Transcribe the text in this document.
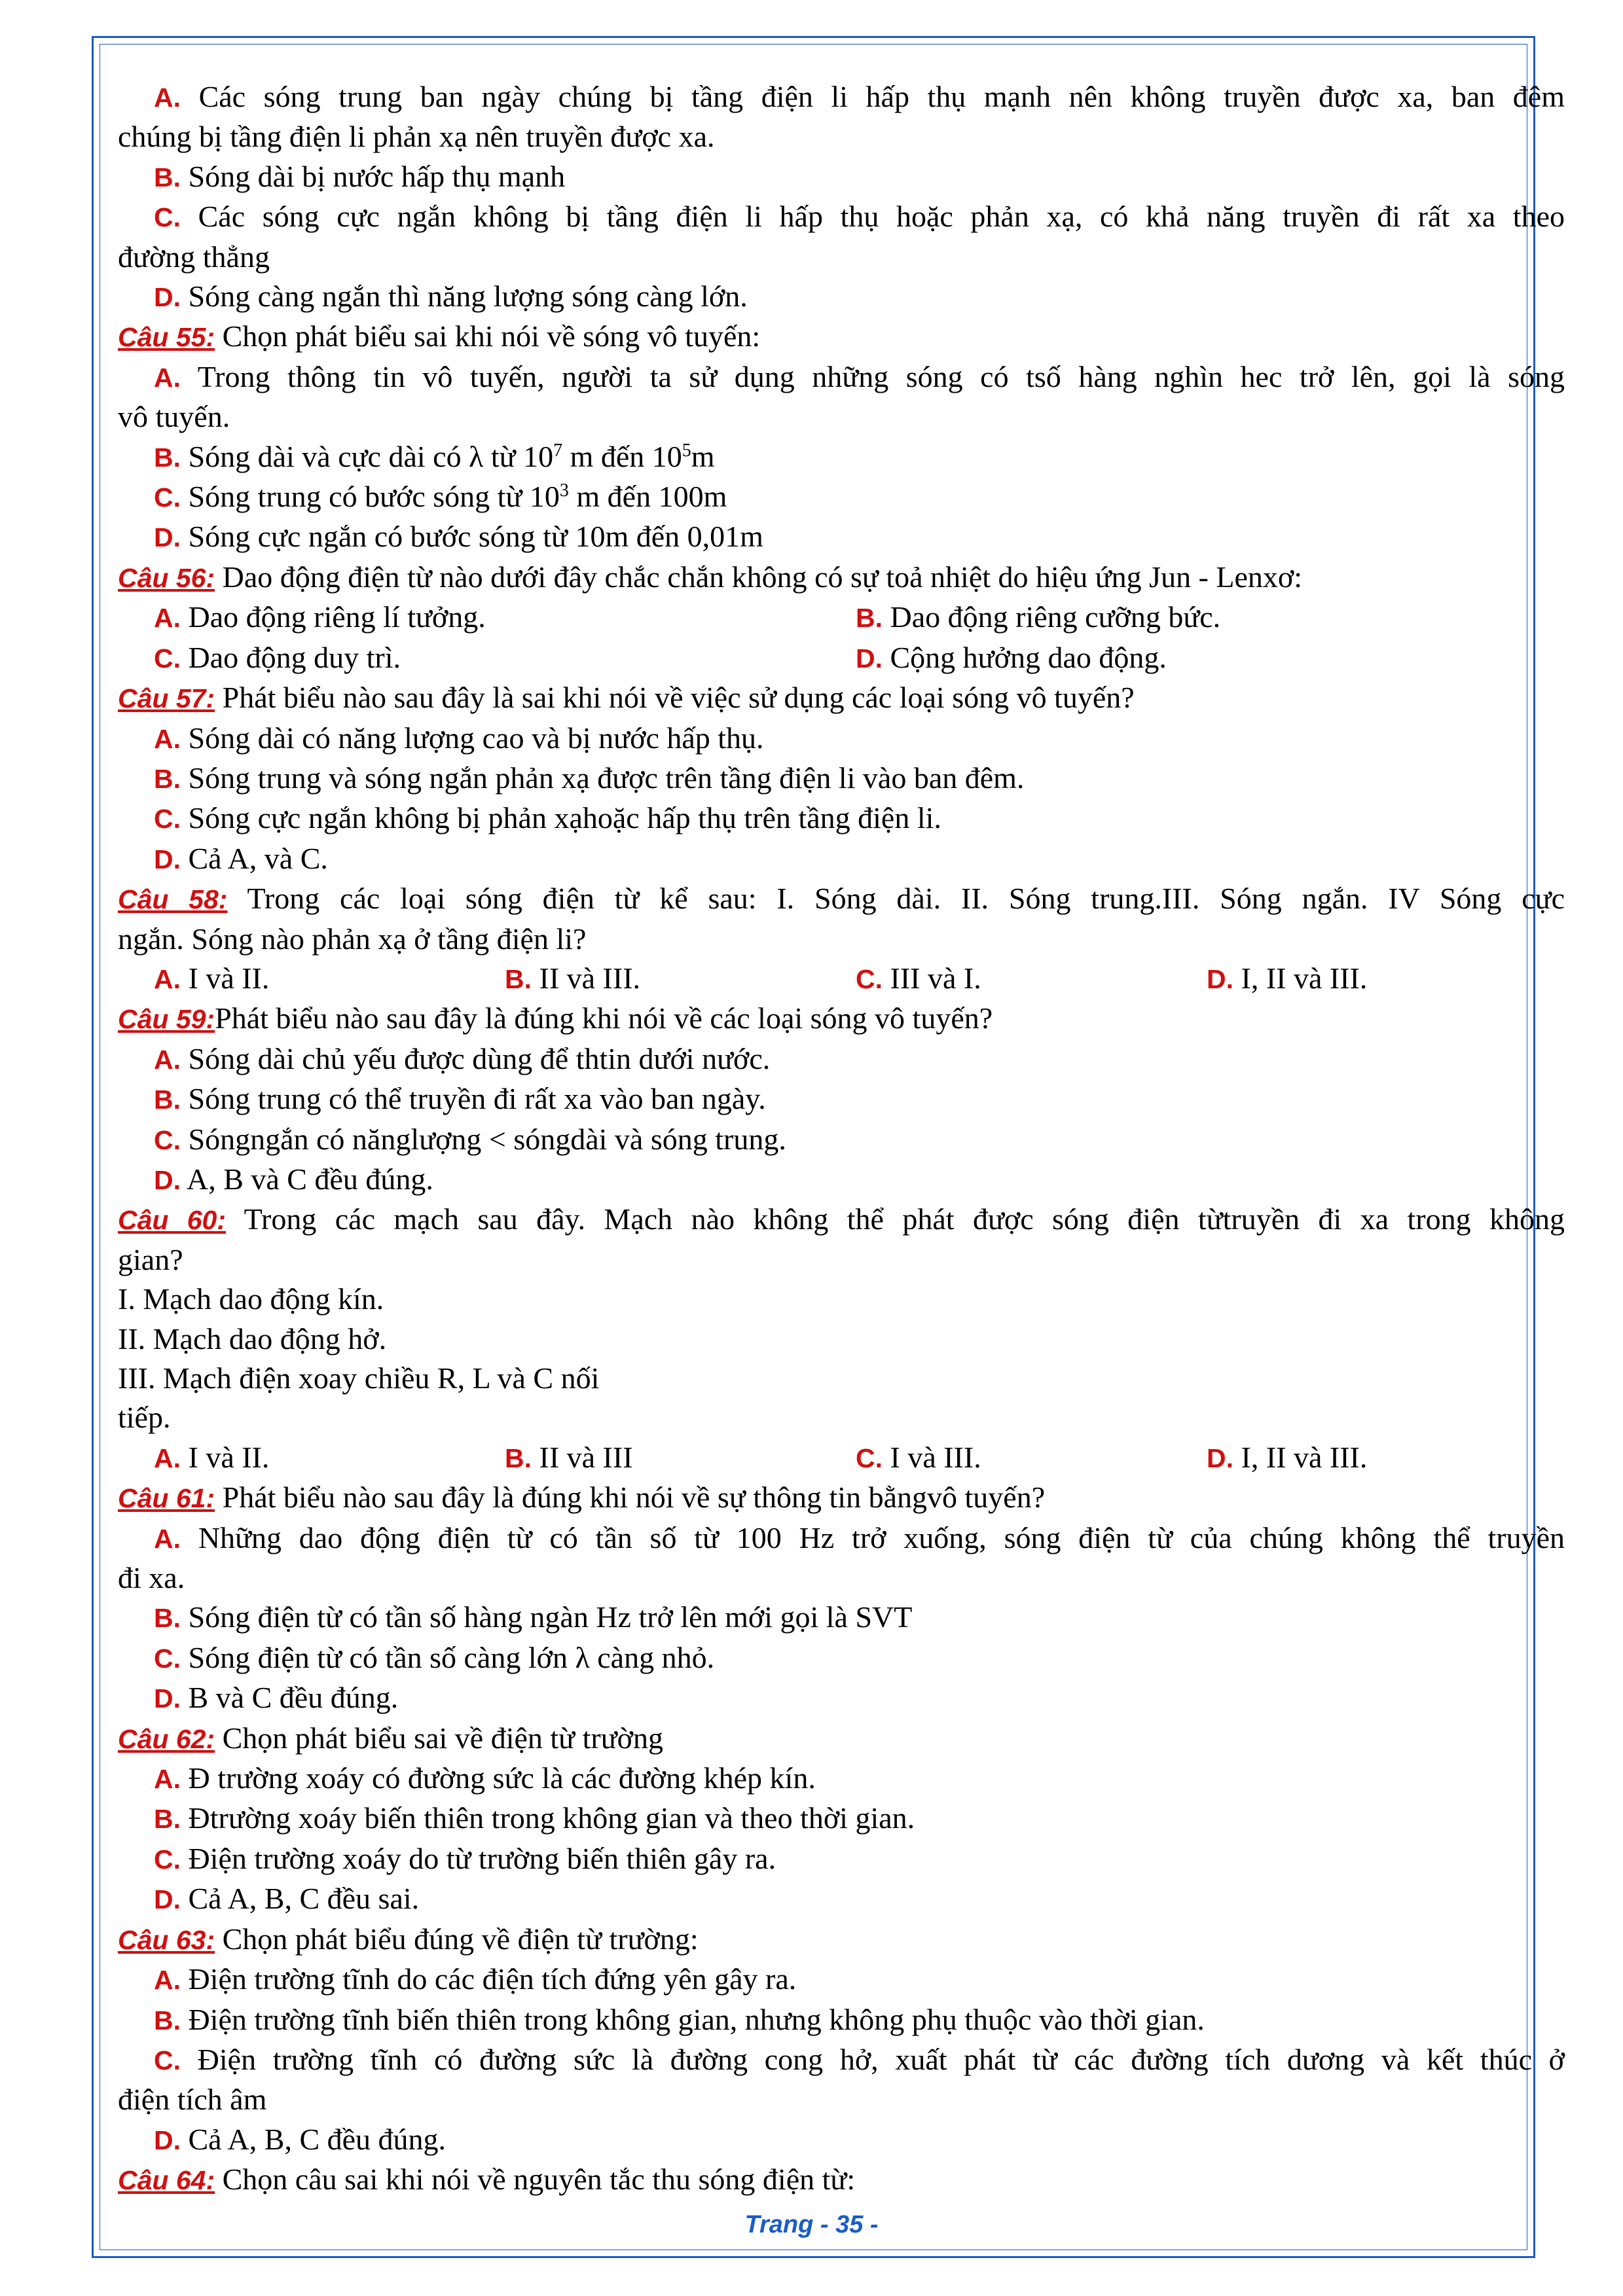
A. Các sóng trung ban ngày chúng bị tầng điện li hấp thụ mạnh nên không truyền được xa, ban đêm

chúng bị tầng điện li phản xạ nên truyền được xa.

B. Sóng dài bị nước hấp thụ mạnh

C. Các sóng cực ngắn không bị tầng điện li hấp thụ hoặc phản xạ, có khả năng truyền đi rất xa theo

đường thẳng

D. Sóng càng ngắn thì năng lượng sóng càng lớn.

Câu 55: Chọn phát biểu sai khi nói về sóng vô tuyến:

A. Trong thông tin vô tuyến, người ta sử dụng những sóng có tsố hàng nghìn hec trở lên, gọi là sóng

vô tuyến.

B. Sóng dài và cực dài có λ từ $10^7$ m đến $10^5m$

C. Sóng trung có bước sóng từ $10^3$ m đến 100m

D. Sóng cực ngắn có bước sóng từ 10m đến 0,01m

Câu 56: Dao động điện từ nào dưới đây chắc chắn không có sự toả nhiệt do hiệu ứng Jun - Lenxơ:

A. Dao động riêng lí tưởng.	B. Dao động riêng cưỡng bức.
C. Dao động duy trì.	D. Cộng hưởng dao động.

Câu 57: Phát biểu nào sau đây là sai khi nói về việc sử dụng các loại sóng vô tuyến?

A. Sóng dài có năng lượng cao và bị nước hấp thụ.

B. Sóng trung và sóng ngắn phản xạ được trên tầng điện li vào ban đêm.

C. Sóng cực ngắn không bị phản xạhoặc hấp thụ trên tầng điện li.

D. Cả A, và C.

Câu 58: Trong các loại sóng điện từ kể sau: I. Sóng dài. II. Sóng trung.III. Sóng ngắn. IV Sóng cực

ngắn. Sóng nào phản xạ ở tầng điện li?

A. I và II.	B. II và III.	C. III và I.	D. I, II và III.

Câu 59:Phát biểu nào sau đây là đúng khi nói về các loại sóng vô tuyến?

A. Sóng dài chủ yếu được dùng để thtin dưới nước.

B. Sóng trung có thể truyền đi rất xa vào ban ngày.

C. Sóngngắn có nănglượng < sóngdài và sóng trung.

D. A, B và C đều đúng.

Câu 60: Trong các mạch sau đây. Mạch nào không thể phát được sóng điện từtruyền đi xa trong không

gian?

I. Mạch dao động kín.

II. Mạch dao động hở.

III. Mạch điện xoay chiều R, L và C nối

tiếp.

A. I và II.	B. II và III	C. I và III.	D. I, II và III.

Câu 61: Phát biểu nào sau đây là đúng khi nói về sự thông tin bằngvô tuyến?

A. Những dao động điện từ có tần số từ 100 Hz trở xuống, sóng điện từ của chúng không thể truyền

đi xa.

B. Sóng điện từ có tần số hàng ngàn Hz trở lên mới gọi là SVT

C. Sóng điện từ có tần số càng lớn λ càng nhỏ.

D. B và C đều đúng.

Câu 62: Chọn phát biểu sai về điện từ trường

A. Đ trường xoáy có đường sức là các đường khép kín.

B. Đtrường xoáy biến thiên trong không gian và theo thời gian.

C. Điện trường xoáy do từ trường biến thiên gây ra.

D. Cả A, B, C đều sai.

Câu 63: Chọn phát biểu đúng về điện từ trường:

A. Điện trường tĩnh do các điện tích đứng yên gây ra.

B. Điện trường tĩnh biến thiên trong không gian, nhưng không phụ thuộc vào thời gian.

C. Điện trường tĩnh có đường sức là đường cong hở, xuất phát từ các đường tích dương và kết thúc ở

điện tích âm

D. Cả A, B, C đều đúng.

Câu 64: Chọn câu sai khi nói về nguyên tắc thu sóng điện từ:

Trang - 35 -
